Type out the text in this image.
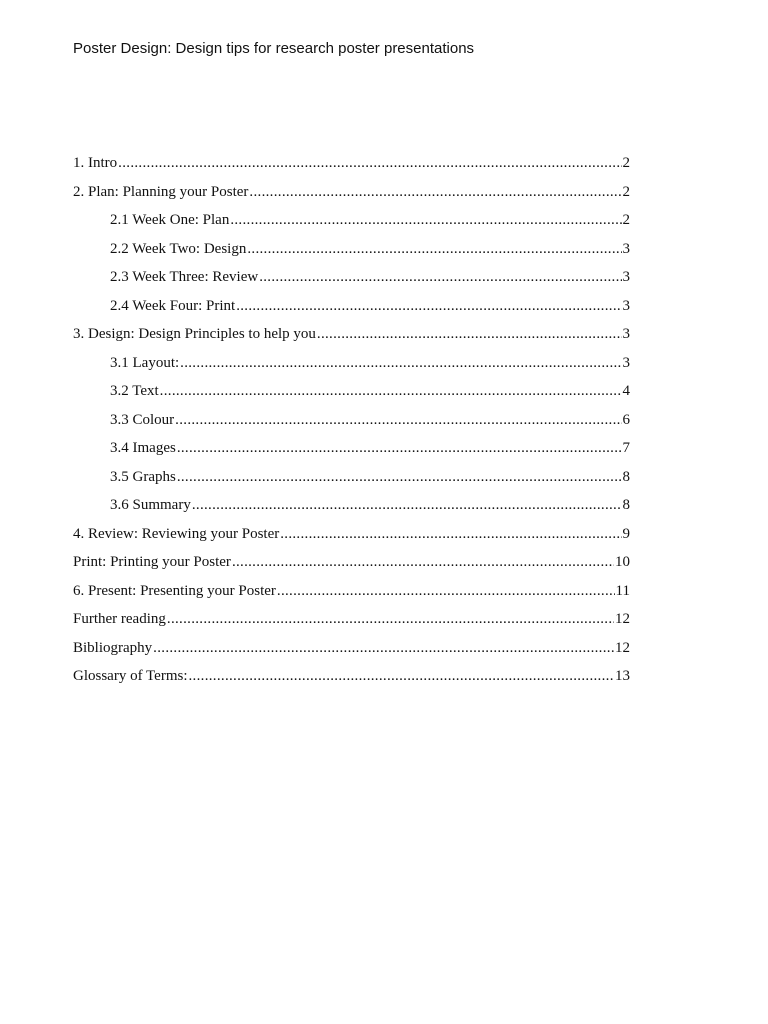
Poster Design: Design tips for research poster presentations
1. Intro .....	2
2. Plan: Planning your Poster .....	2
2.1 Week One: Plan .....	2
2.2 Week Two: Design .....	3
2.3 Week Three: Review .....	3
2.4 Week Four: Print .....	3
3. Design: Design Principles to help you .....	3
3.1 Layout: .....	3
3.2 Text .....	4
3.3 Colour .....	6
3.4 Images .....	7
3.5 Graphs .....	8
3.6 Summary .....	8
4. Review: Reviewing your Poster .....	9
Print: Printing your Poster .....	10
6. Present: Presenting your Poster .....	11
Further reading .....	12
Bibliography .....	12
Glossary of Terms: .....	13
